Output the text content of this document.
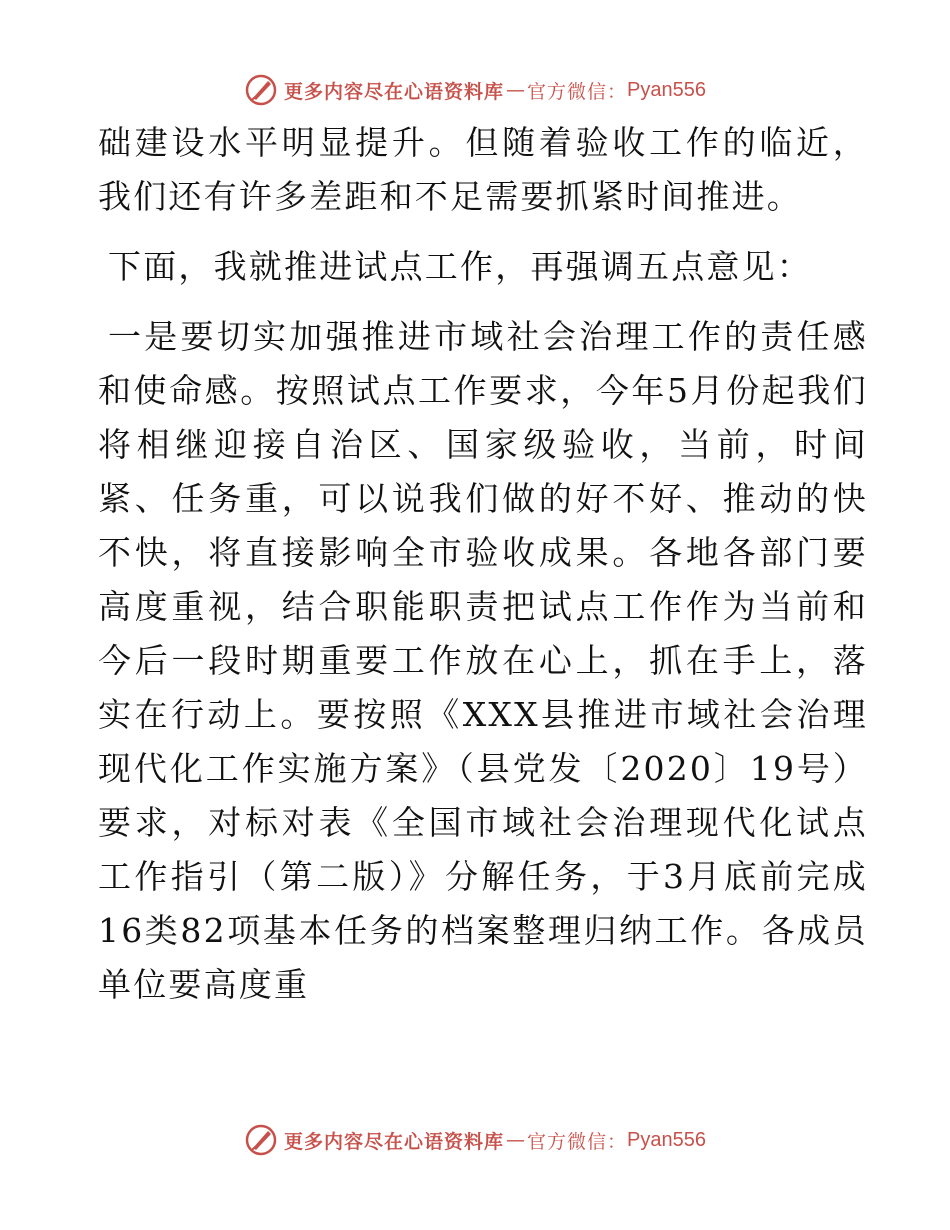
更多内容尽在心语资料库 — 官方微信： Pyan556

础建设水平明显提升。但随着验收工作的临近，我们还有许多差距和不足需要抓紧时间推进。

下面，我就推进试点工作，再强调五点意见：

一是要切实加强推进市域社会治理工作的责任感和使命感。按照试点工作要求，今年5月份起我们将相继迎接自治区、国家级验收，当前，时间紧、任务重，可以说我们做的好不好、推动的快不快，将直接影响全市验收成果。各地各部门要高度重视，结合职能职责把试点工作作为当前和今后一段时期重要工作放在心上，抓在手上，落实在行动上。要按照《XXX县推进市域社会治理现代化工作实施方案》（县党发〔2020〕19号）要求，对标对表《全国市域社会治理现代化试点工作指引（第二版）》分解任务，于3月底前完成16类82项基本任务的档案整理归纳工作。各成员单位要高度重

更多内容尽在心语资料库 — 官方微信： Pyan556
